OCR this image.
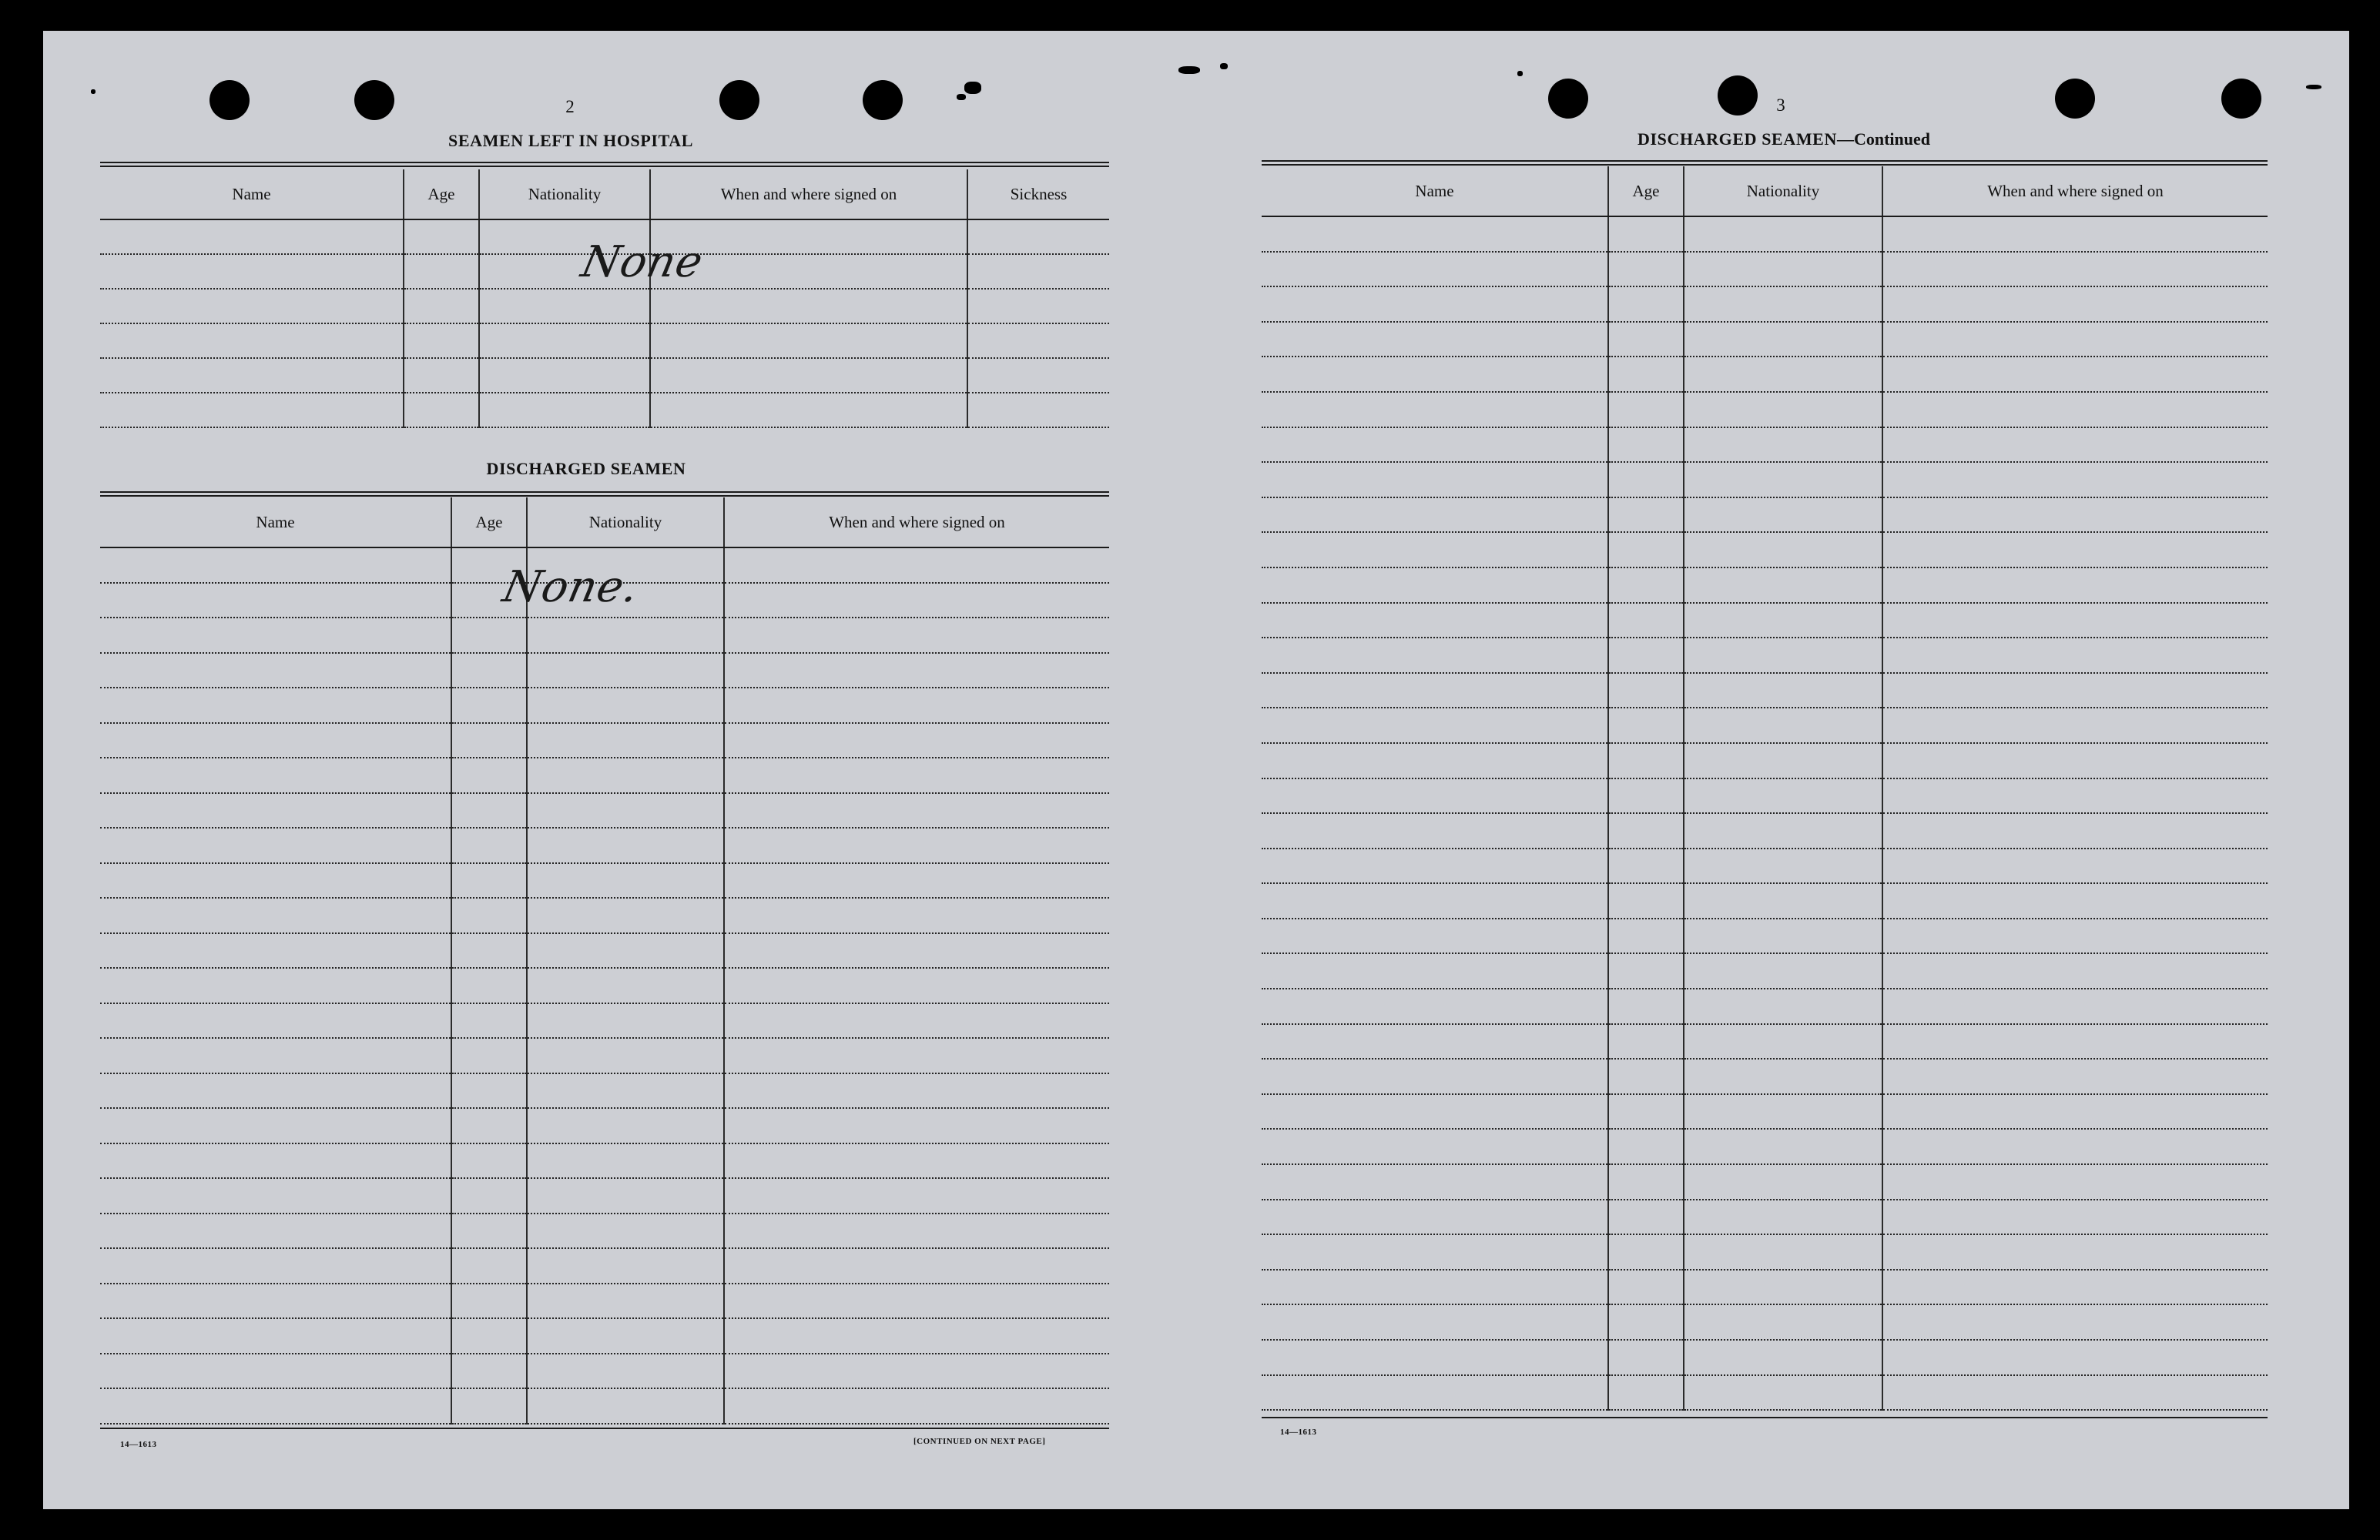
2
SEAMEN LEFT IN HOSPITAL
Name	Age	Nationality	When and where signed on	Sickness

None
DISCHARGED SEAMEN
Name	Age	Nationality	When and where signed on

None.
14—1613	[CONTINUED ON NEXT PAGE]
3
DISCHARGED SEAMEN—Continued
Name	Age	Nationality	When and where signed on

14—1613
